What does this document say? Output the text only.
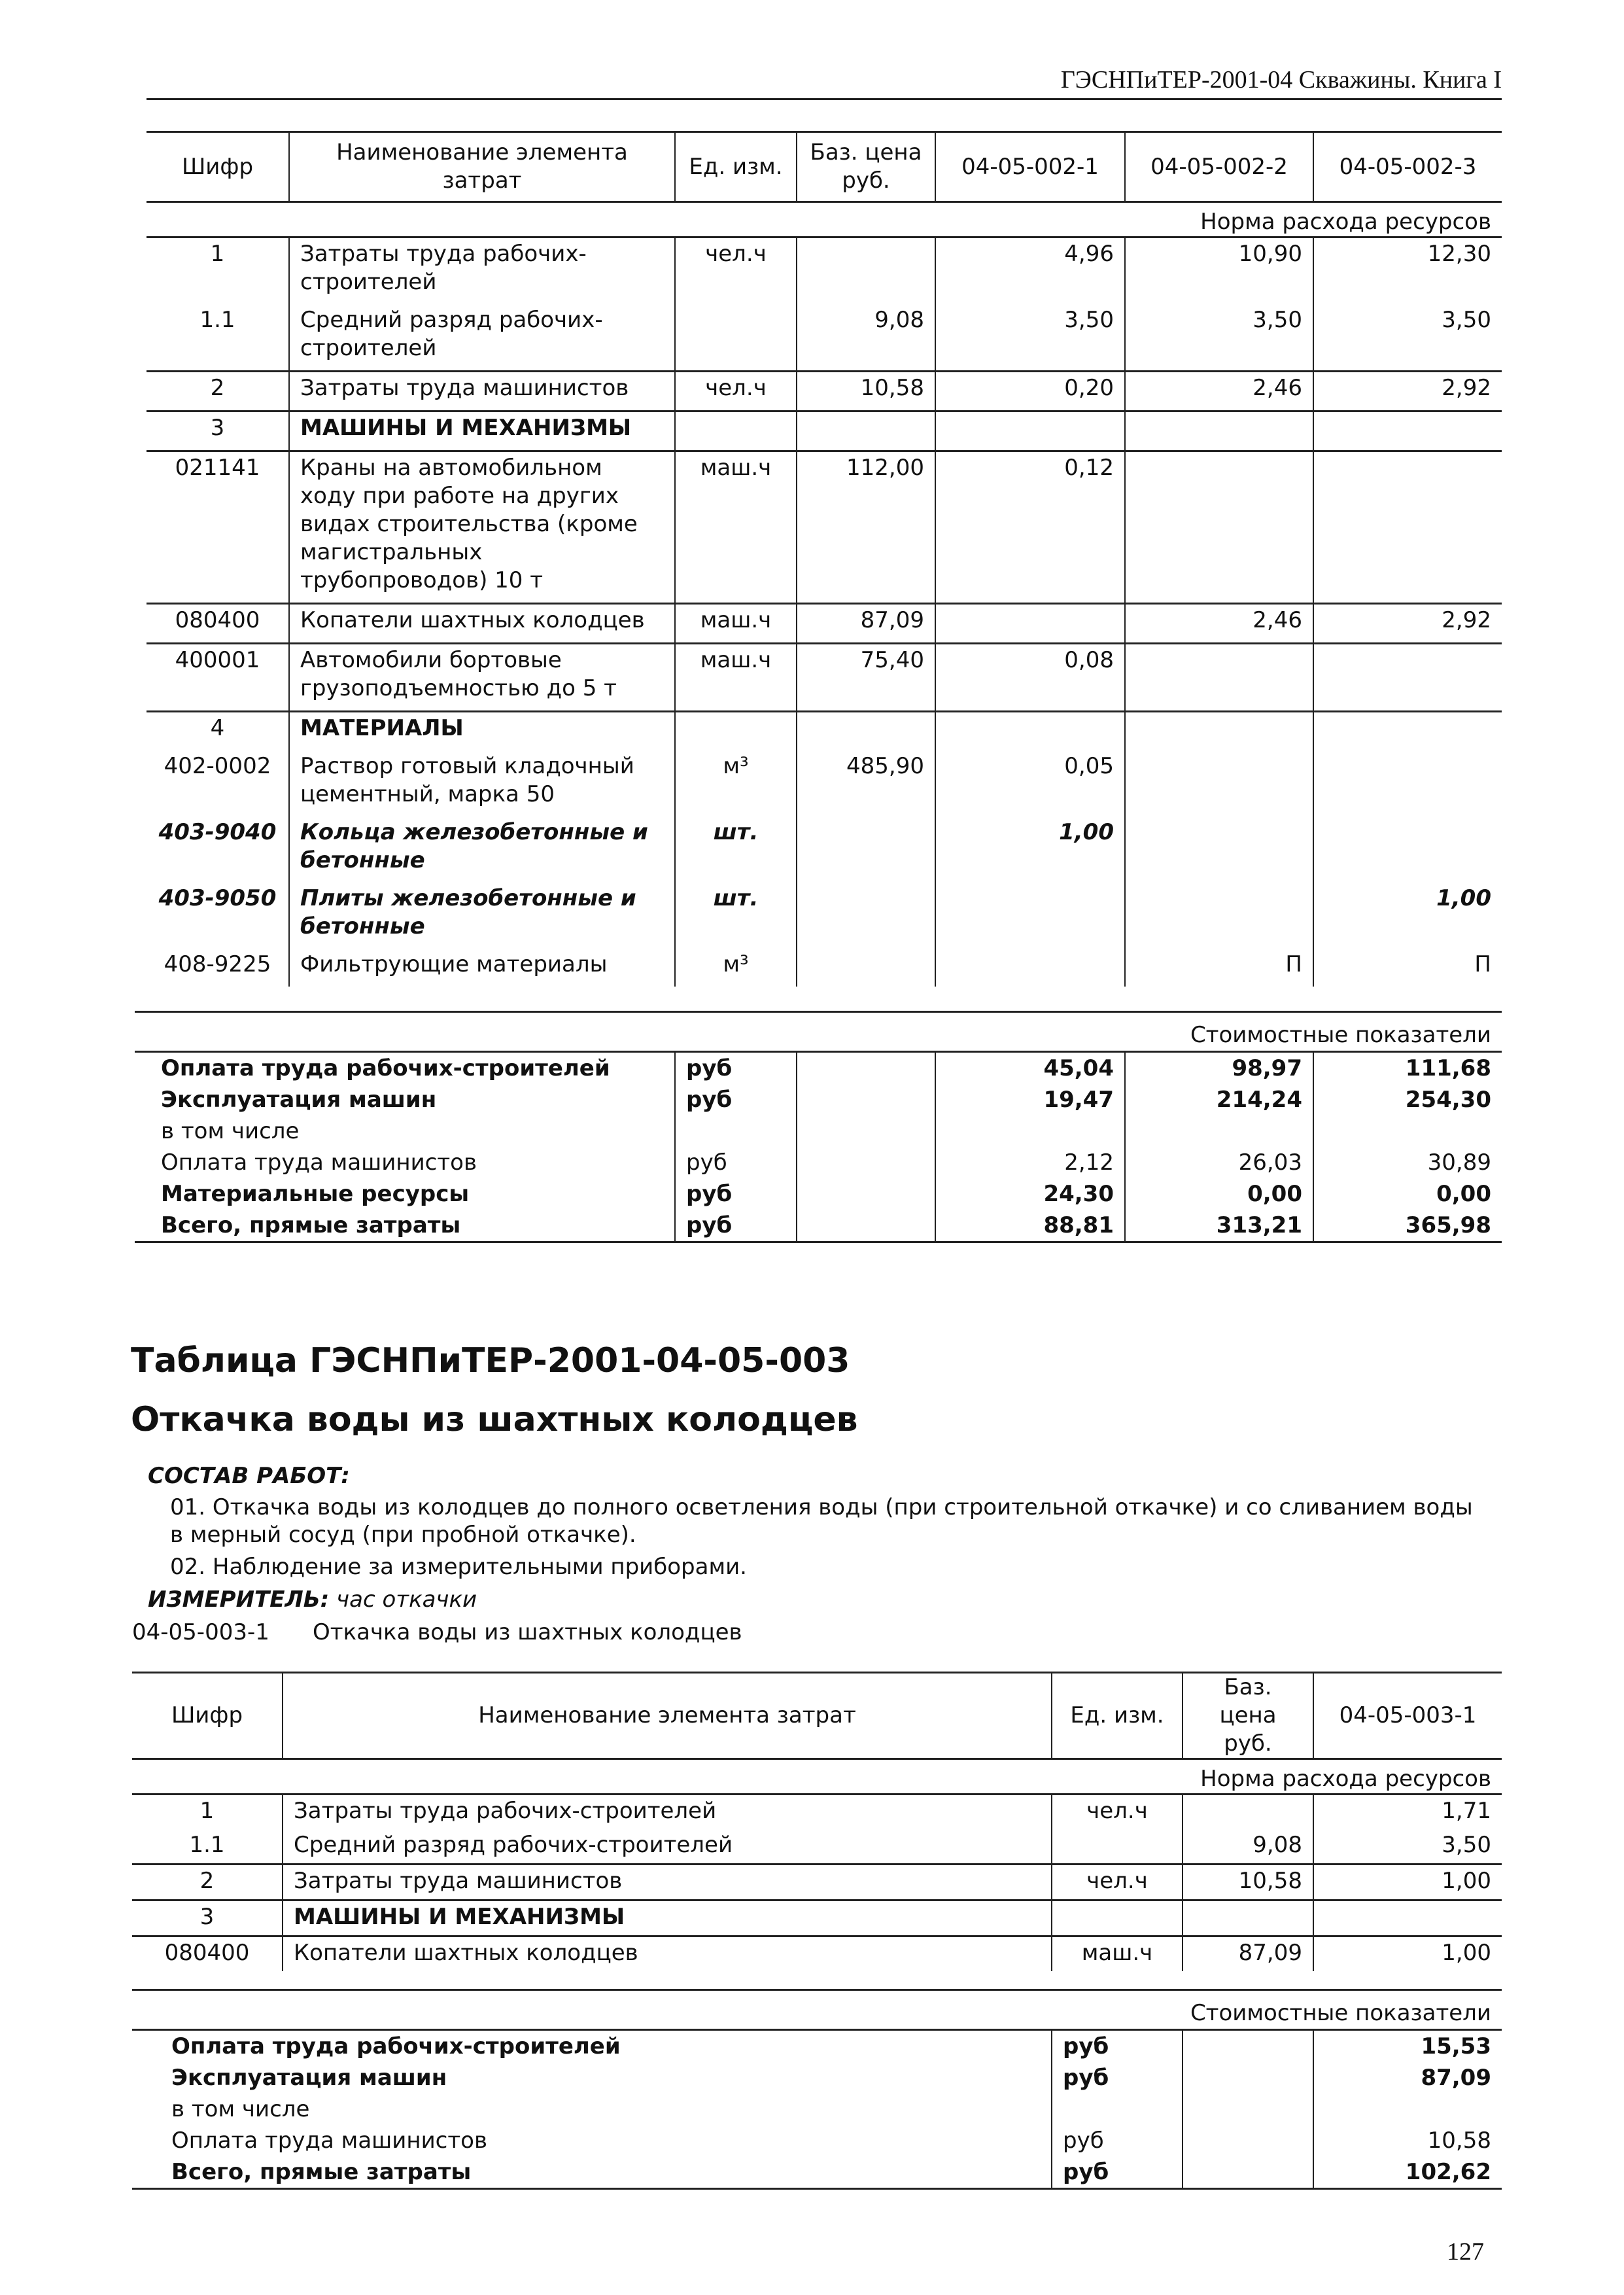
ГЭСНПиТЕР-2001-04 Скважины. Книга I
Шифр	Наименование элемента затрат	Ед. изм.	Баз. цена руб.	04-05-002-1	04-05-002-2	04-05-002-3
Норма расхода ресурсов						
1	Затраты труда рабочих-строителей	чел.ч		4,96	10,90	12,30
1.1	Средний разряд рабочих-строителей		9,08	3,50	3,50	3,50
2	Затраты труда машинистов	чел.ч	10,58	0,20	2,46	2,92
3	МАШИНЫ И МЕХАНИЗМЫ					
021141	Краны на автомобильном ходу при работе на других видах строительства (кроме магистральных трубопроводов) 10 т	маш.ч	112,00	0,12		
080400	Копатели шахтных колодцев	маш.ч	87,09		2,46	2,92
400001	Автомобили бортовые грузоподъемностью до 5 т	маш.ч	75,40	0,08		
4	МАТЕРИАЛЫ					
402-0002	Раствор готовый кладочный цементный, марка 50	м³	485,90	0,05		
403-9040	Кольца железобетонные и бетонные	шт.		1,00		
403-9050	Плиты железобетонные и бетонные	шт.				1,00
408-9225	Фильтрующие материалы	м³			П	П
Стоимостные показатели					
Оплата труда рабочих-строителей	руб		45,04	98,97	111,68
Эксплуатация машин	руб		19,47	214,24	254,30
в том числе					
Оплата труда машинистов	руб		2,12	26,03	30,89
Материальные ресурсы	руб		24,30	0,00	0,00
Всего, прямые затраты	руб		88,81	313,21	365,98
Таблица ГЭСНПиТЕР-2001-04-05-003
Откачка воды из шахтных колодцев
СОСТАВ РАБОТ:
01. Откачка воды из колодцев до полного осветления воды (при строительной откачке) и со сливанием воды в мерный сосуд (при пробной откачке).
02. Наблюдение за измерительными приборами.
ИЗМЕРИТЕЛЬ: час откачки
04-05-003-1 Откачка воды из шахтных колодцев
Шифр	Наименование элемента затрат	Ед. изм.	Баз. цена руб.	04-05-003-1
Норма расхода ресурсов				
1	Затраты труда рабочих-строителей	чел.ч		1,71
1.1	Средний разряд рабочих-строителей		9,08	3,50
2	Затраты труда машинистов	чел.ч	10,58	1,00
3	МАШИНЫ И МЕХАНИЗМЫ			
080400	Копатели шахтных колодцев	маш.ч	87,09	1,00
Стоимостные показатели			
Оплата труда рабочих-строителей	руб		15,53
Эксплуатация машин	руб		87,09
в том числе			
Оплата труда машинистов	руб		10,58
Всего, прямые затраты	руб		102,62
127
